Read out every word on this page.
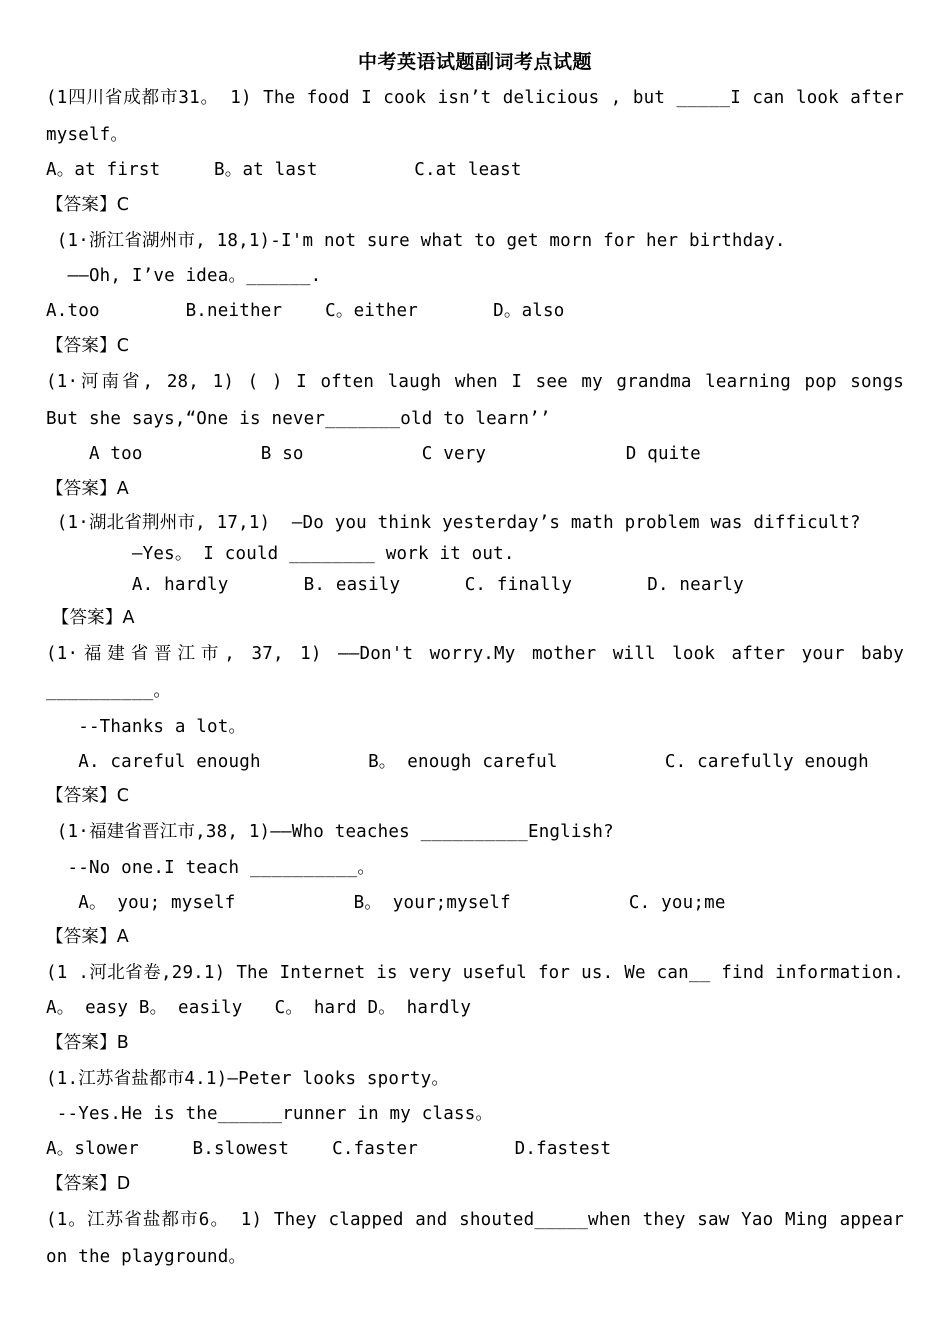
中考英语试题副词考点试题
(1四川省成都市31。 1) The food I cook isn’t delicious , but _____I can look after
myself。
A。at first     B。at last         C.at least
【答案】C
(1·浙江省湖州市, 18,1)-I'm not sure what to get morn for her birthday.
——Oh, I’ve idea。______.
A.too        B.neither    C。either       D。also
【答案】C
(1·河南省, 28, 1) ( ) I often laugh when I see my grandma learning pop songs
But she says,“One is never_______old to learn’’
A too           B so           C very             D quite
【答案】A
(1·湖北省荆州市, 17,1)  —Do you think yesterday’s math problem was difficult?
—Yes。 I could ________ work it out.
A. hardly       B. easily      C. finally       D. nearly
【答案】A
(1·福建省晋江市, 37, 1) ——Don't worry.My mother will look after your baby
__________。
--Thanks a lot。
A. careful enough          B。 enough careful          C. carefully enough
【答案】C
(1·福建省晋江市,38, 1)——Who teaches __________English?
--No one.I teach __________。
A。 you; myself           B。 your;myself           C. you;me
【答案】A
(1 .河北省卷,29.1) The Internet is very useful for us. We can__ find information.
A。 easy B。 easily   C。 hard D。 hardly
【答案】B
(1.江苏省盐都市4.1)—Peter looks sporty。
--Yes.He is the______runner in my class。
A。slower     B.slowest    C.faster         D.fastest
【答案】D
(1。江苏省盐都市6。 1) They clapped and shouted_____when they saw Yao Ming appear
on the playground。
